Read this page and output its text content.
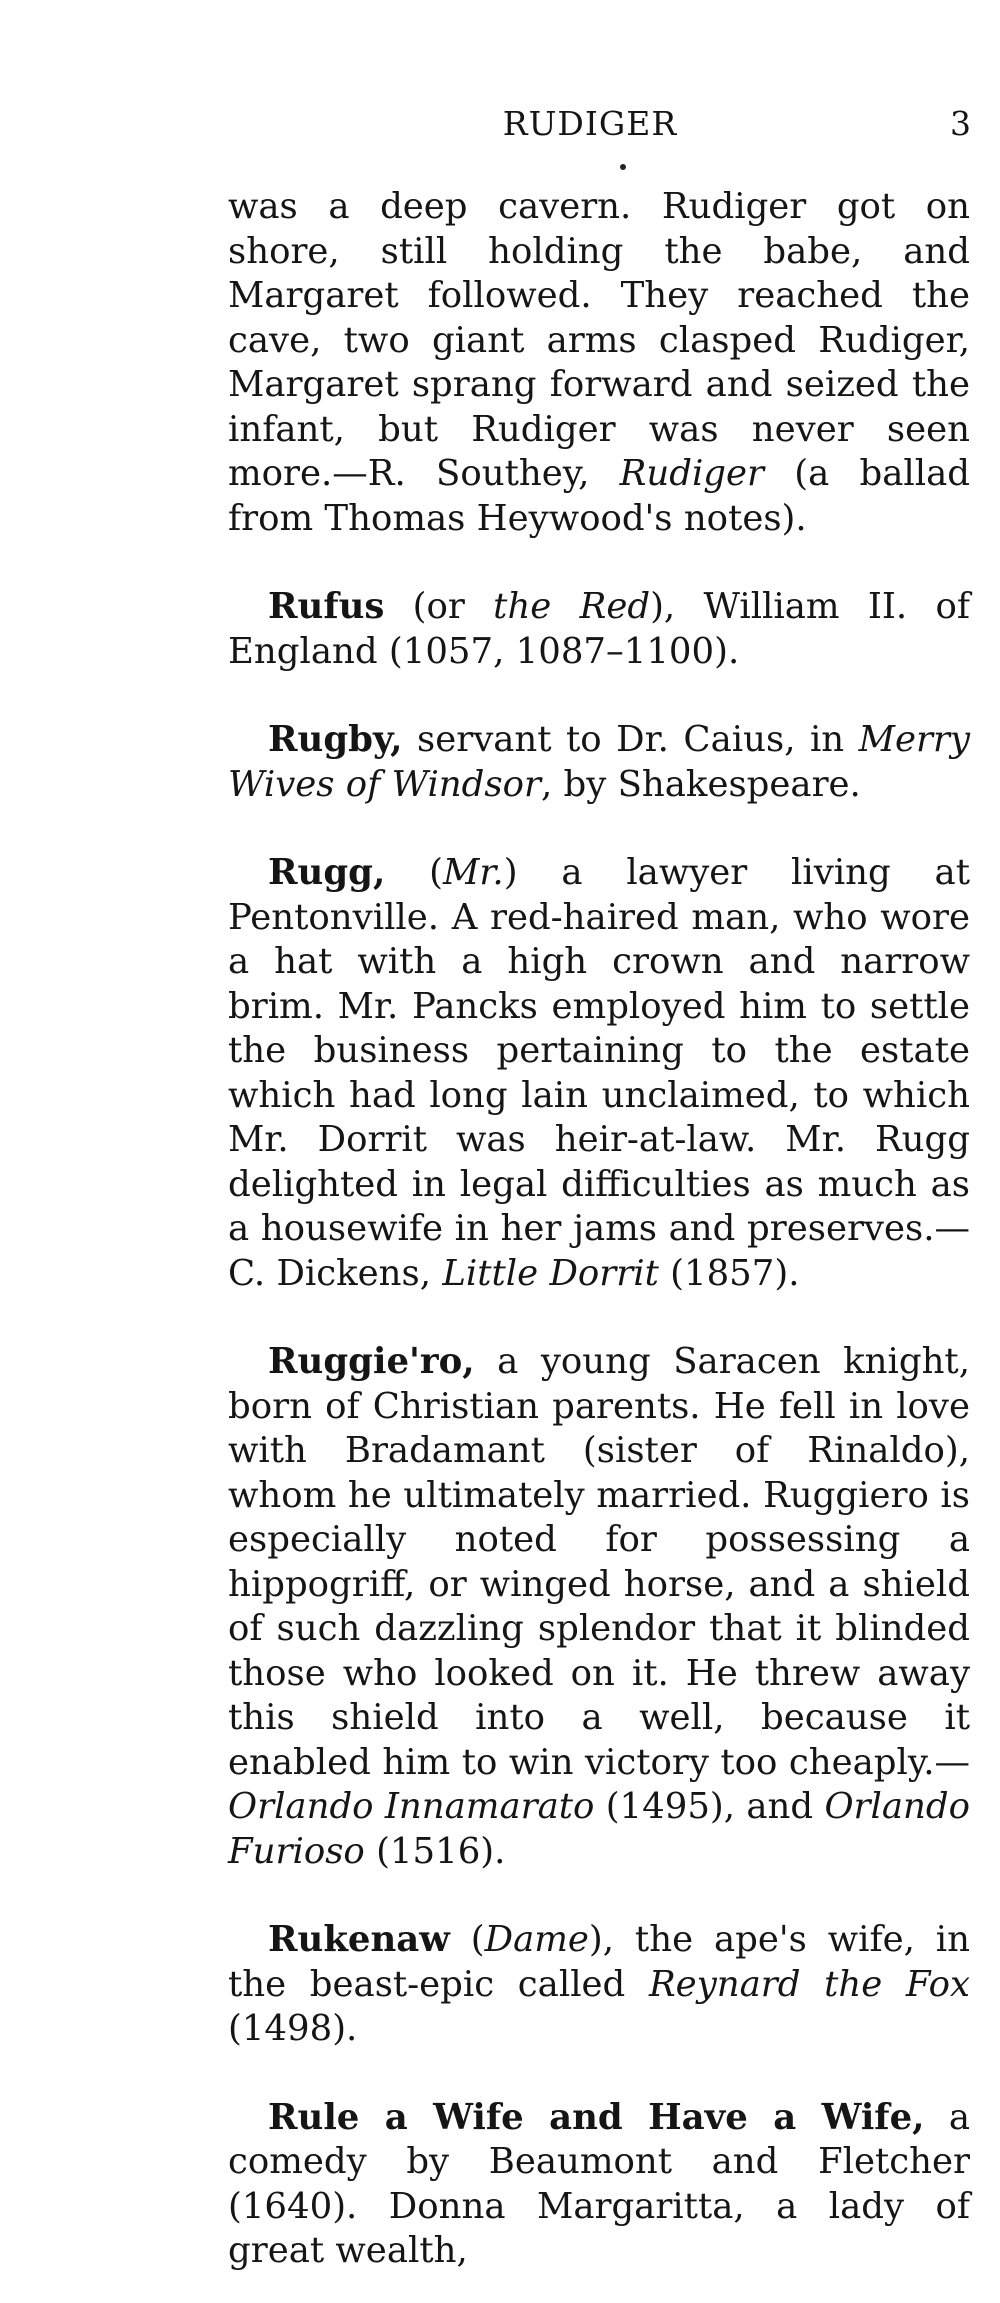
RUDIGER	3

was a deep cavern. Rudiger got on shore, still holding the babe, and Margaret followed. They reached the cave, two giant arms clasped Rudiger, Margaret sprang forward and seized the infant, but Rudiger was never seen more.—R. Southey, Rudiger (a ballad from Thomas Heywood's notes).

Rufus (or the Red), William II. of England (1057, 1087–1100).

Rugby, servant to Dr. Caius, in Merry Wives of Windsor, by Shakespeare.

Rugg, (Mr.) a lawyer living at Pentonville. A red-haired man, who wore a hat with a high crown and narrow brim. Mr. Pancks employed him to settle the business pertaining to the estate which had long lain unclaimed, to which Mr. Dorrit was heir-at-law. Mr. Rugg delighted in legal difficulties as much as a housewife in her jams and preserves.—C. Dickens, Little Dorrit (1857).

Ruggie'ro, a young Saracen knight, born of Christian parents. He fell in love with Bradamant (sister of Rinaldo), whom he ultimately married. Ruggiero is especially noted for possessing a hippogriff, or winged horse, and a shield of such dazzling splendor that it blinded those who looked on it. He threw away this shield into a well, because it enabled him to win victory too cheaply.—Orlando Innamarato (1495), and Orlando Furioso (1516).

Rukenaw (Dame), the ape's wife, in the beast-epic called Reynard the Fox (1498).

Rule a Wife and Have a Wife, a comedy by Beaumont and Fletcher (1640). Donna Margaritta, a lady of great wealth,
